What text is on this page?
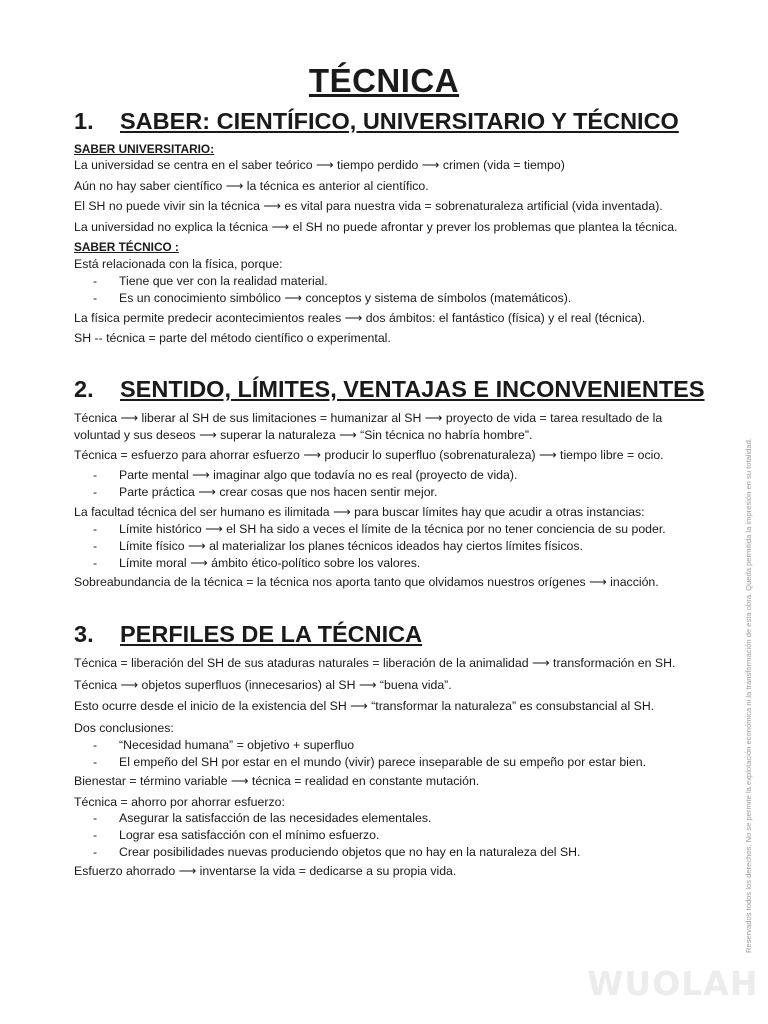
TÉCNICA
1. SABER: CIENTÍFICO, UNIVERSITARIO Y TÉCNICO
SABER UNIVERSITARIO:
La universidad se centra en el saber teórico ⟶ tiempo perdido ⟶ crimen (vida = tiempo)
Aún no hay saber científico ⟶ la técnica es anterior al científico.
El SH no puede vivir sin la técnica ⟶ es vital para nuestra vida = sobrenaturaleza artificial (vida inventada).
La universidad no explica la técnica ⟶ el SH no puede afrontar y prever los problemas que plantea la técnica.
SABER TÉCNICO :
Está relacionada con la física, porque:
- Tiene que ver con la realidad material.
- Es un conocimiento simbólico ⟶ conceptos y sistema de símbolos (matemáticos).
La física permite predecir acontecimientos reales ⟶ dos ámbitos: el fantástico (física) y el real (técnica).
SH -- técnica = parte del método científico o experimental.
2. SENTIDO, LÍMITES, VENTAJAS E INCONVENIENTES
Técnica ⟶ liberar al SH de sus limitaciones = humanizar al SH ⟶ proyecto de vida = tarea resultado de la voluntad y sus deseos ⟶ superar la naturaleza ⟶ “Sin técnica no habría hombre”.
Técnica = esfuerzo para ahorrar esfuerzo ⟶ producir lo superfluo (sobrenaturaleza) ⟶ tiempo libre = ocio.
- Parte mental ⟶ imaginar algo que todavía no es real (proyecto de vida).
- Parte práctica ⟶ crear cosas que nos hacen sentir mejor.
La facultad técnica del ser humano es ilimitada ⟶ para buscar límites hay que acudir a otras instancias:
- Límite histórico ⟶ el SH ha sido a veces el límite de la técnica por no tener conciencia de su poder.
- Límite físico ⟶ al materializar los planes técnicos ideados hay ciertos límites físicos.
- Límite moral ⟶ ámbito ético-político sobre los valores.
Sobreabundancia de la técnica = la técnica nos aporta tanto que olvidamos nuestros orígenes ⟶ inacción.
3. PERFILES DE LA TÉCNICA
Técnica = liberación del SH de sus ataduras naturales = liberación de la animalidad ⟶ transformación en SH.
Técnica ⟶ objetos superfluos (innecesarios) al SH ⟶ “buena vida”.
Esto ocurre desde el inicio de la existencia del SH ⟶ “transformar la naturaleza” es consubstancial al SH.
Dos conclusiones:
- “Necesidad humana” = objetivo + superfluo
- El empeño del SH por estar en el mundo (vivir) parece inseparable de su empeño por estar bien.
Bienestar = término variable ⟶ técnica = realidad en constante mutación.
Técnica = ahorro por ahorrar esfuerzo:
- Asegurar la satisfacción de las necesidades elementales.
- Lograr esa satisfacción con el mínimo esfuerzo.
- Crear posibilidades nuevas produciendo objetos que no hay en la naturaleza del SH.
Esfuerzo ahorrado ⟶ inventarse la vida = dedicarse a su propia vida.	Reservados todos los derechos. No se permite la explotación económica ni la transformación de esta obra. Queda permitida la impresión en su totalidad.
WUOLAH
